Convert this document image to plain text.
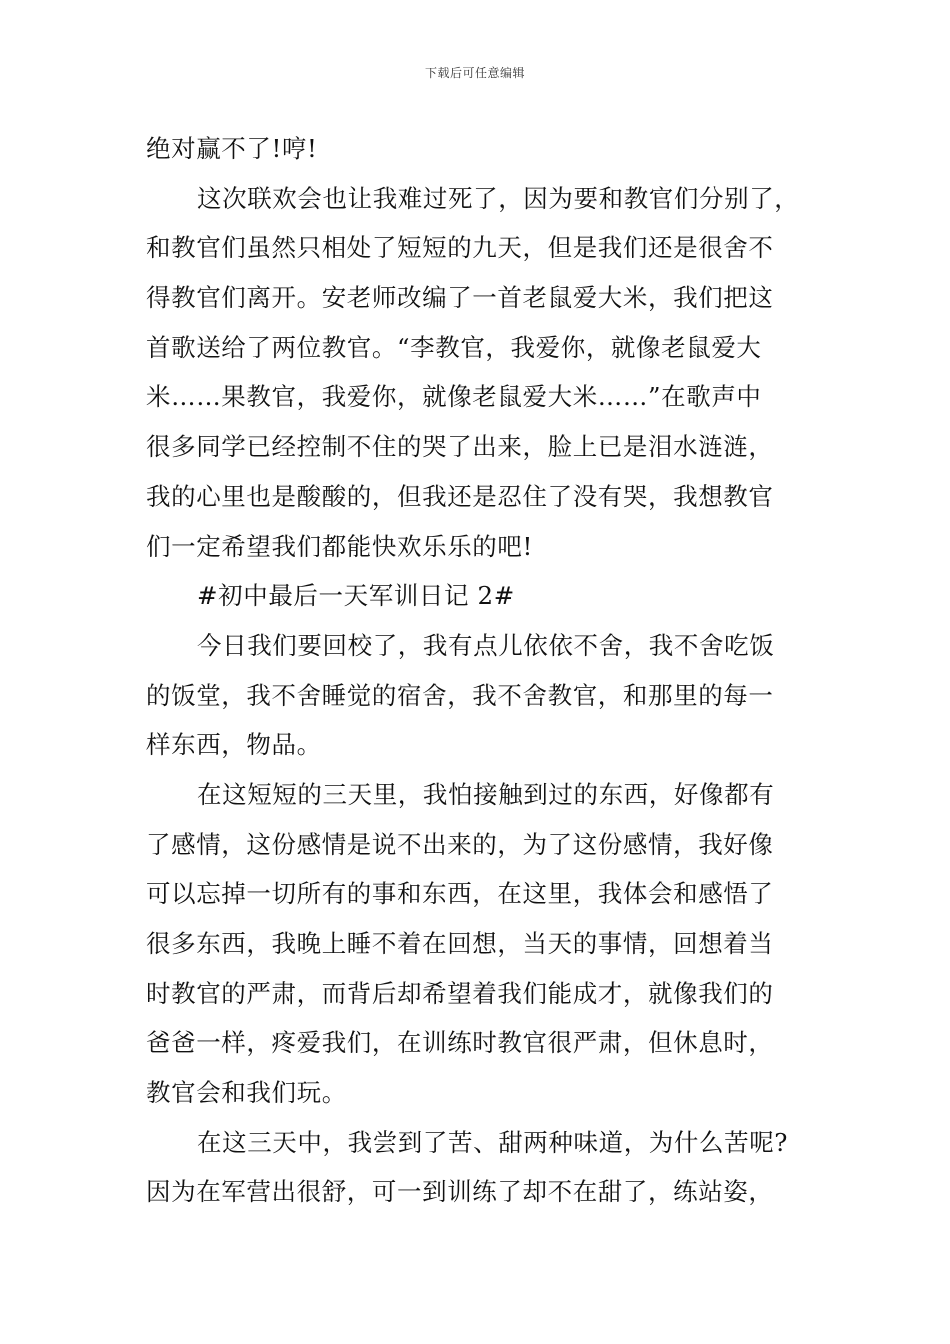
下载后可任意编辑
绝对赢不了!哼!
这次联欢会也让我难过死了，因为要和教官们分别了，
和教官们虽然只相处了短短的九天，但是我们还是很舍不
得教官们离开。安老师改编了一首老鼠爱大米，我们把这
首歌送给了两位教官。“李教官，我爱你，就像老鼠爱大
米……果教官，我爱你，就像老鼠爱大米……”在歌声中
很多同学已经控制不住的哭了出来，脸上已是泪水涟涟，
我的心里也是酸酸的，但我还是忍住了没有哭，我想教官
们一定希望我们都能快欢乐乐的吧!
#初中最后一天军训日记 2#
今日我们要回校了，我有点儿依依不舍，我不舍吃饭
的饭堂，我不舍睡觉的宿舍，我不舍教官，和那里的每一
样东西，物品。
在这短短的三天里，我怕接触到过的东西，好像都有
了感情，这份感情是说不出来的，为了这份感情，我好像
可以忘掉一切所有的事和东西，在这里，我体会和感悟了
很多东西，我晚上睡不着在回想，当天的事情，回想着当
时教官的严肃，而背后却希望着我们能成才，就像我们的
爸爸一样，疼爱我们，在训练时教官很严肃，但休息时，
教官会和我们玩。
在这三天中，我尝到了苦、甜两种味道，为什么苦呢?
因为在军营出很舒，可一到训练了却不在甜了，练站姿，
